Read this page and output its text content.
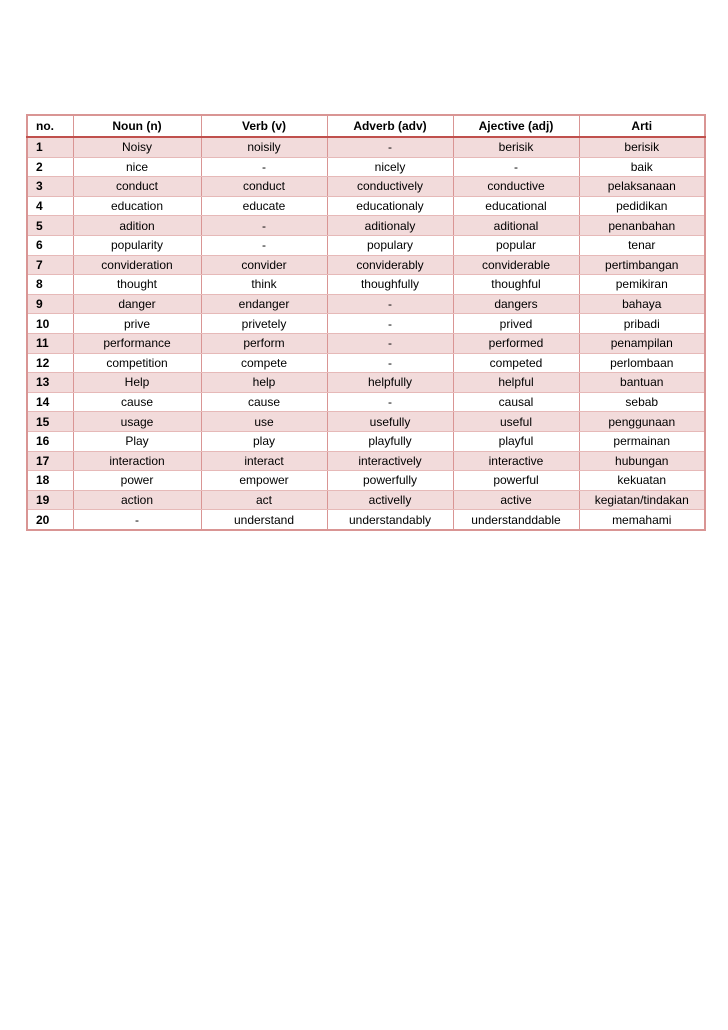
no.	Noun (n)	Verb (v)	Adverb (adv)	Ajective (adj)	Arti
1	Noisy	noisily	-	berisik	berisik
2	nice	-	nicely	-	baik
3	conduct	conduct	conductively	conductive	pelaksanaan
4	education	educate	educationaly	educational	pedidikan
5	adition	-	aditionaly	aditional	penanbahan
6	popularity	-	populary	popular	tenar
7	convideration	convider	conviderably	conviderable	pertimbangan
8	thought	think	thoughfully	thoughful	pemikiran
9	danger	endanger	-	dangers	bahaya
10	prive	privetely	-	prived	pribadi
11	performance	perform	-	performed	penampilan
12	competition	compete	-	competed	perlombaan
13	Help	help	helpfully	helpful	bantuan
14	cause	cause	-	causal	sebab
15	usage	use	usefully	useful	penggunaan
16	Play	play	playfully	playful	permainan
17	interaction	interact	interactively	interactive	hubungan
18	power	empower	powerfully	powerful	kekuatan
19	action	act	activelly	active	kegiatan/tindakan
20	-	understand	understandably	understanddable	memahami
